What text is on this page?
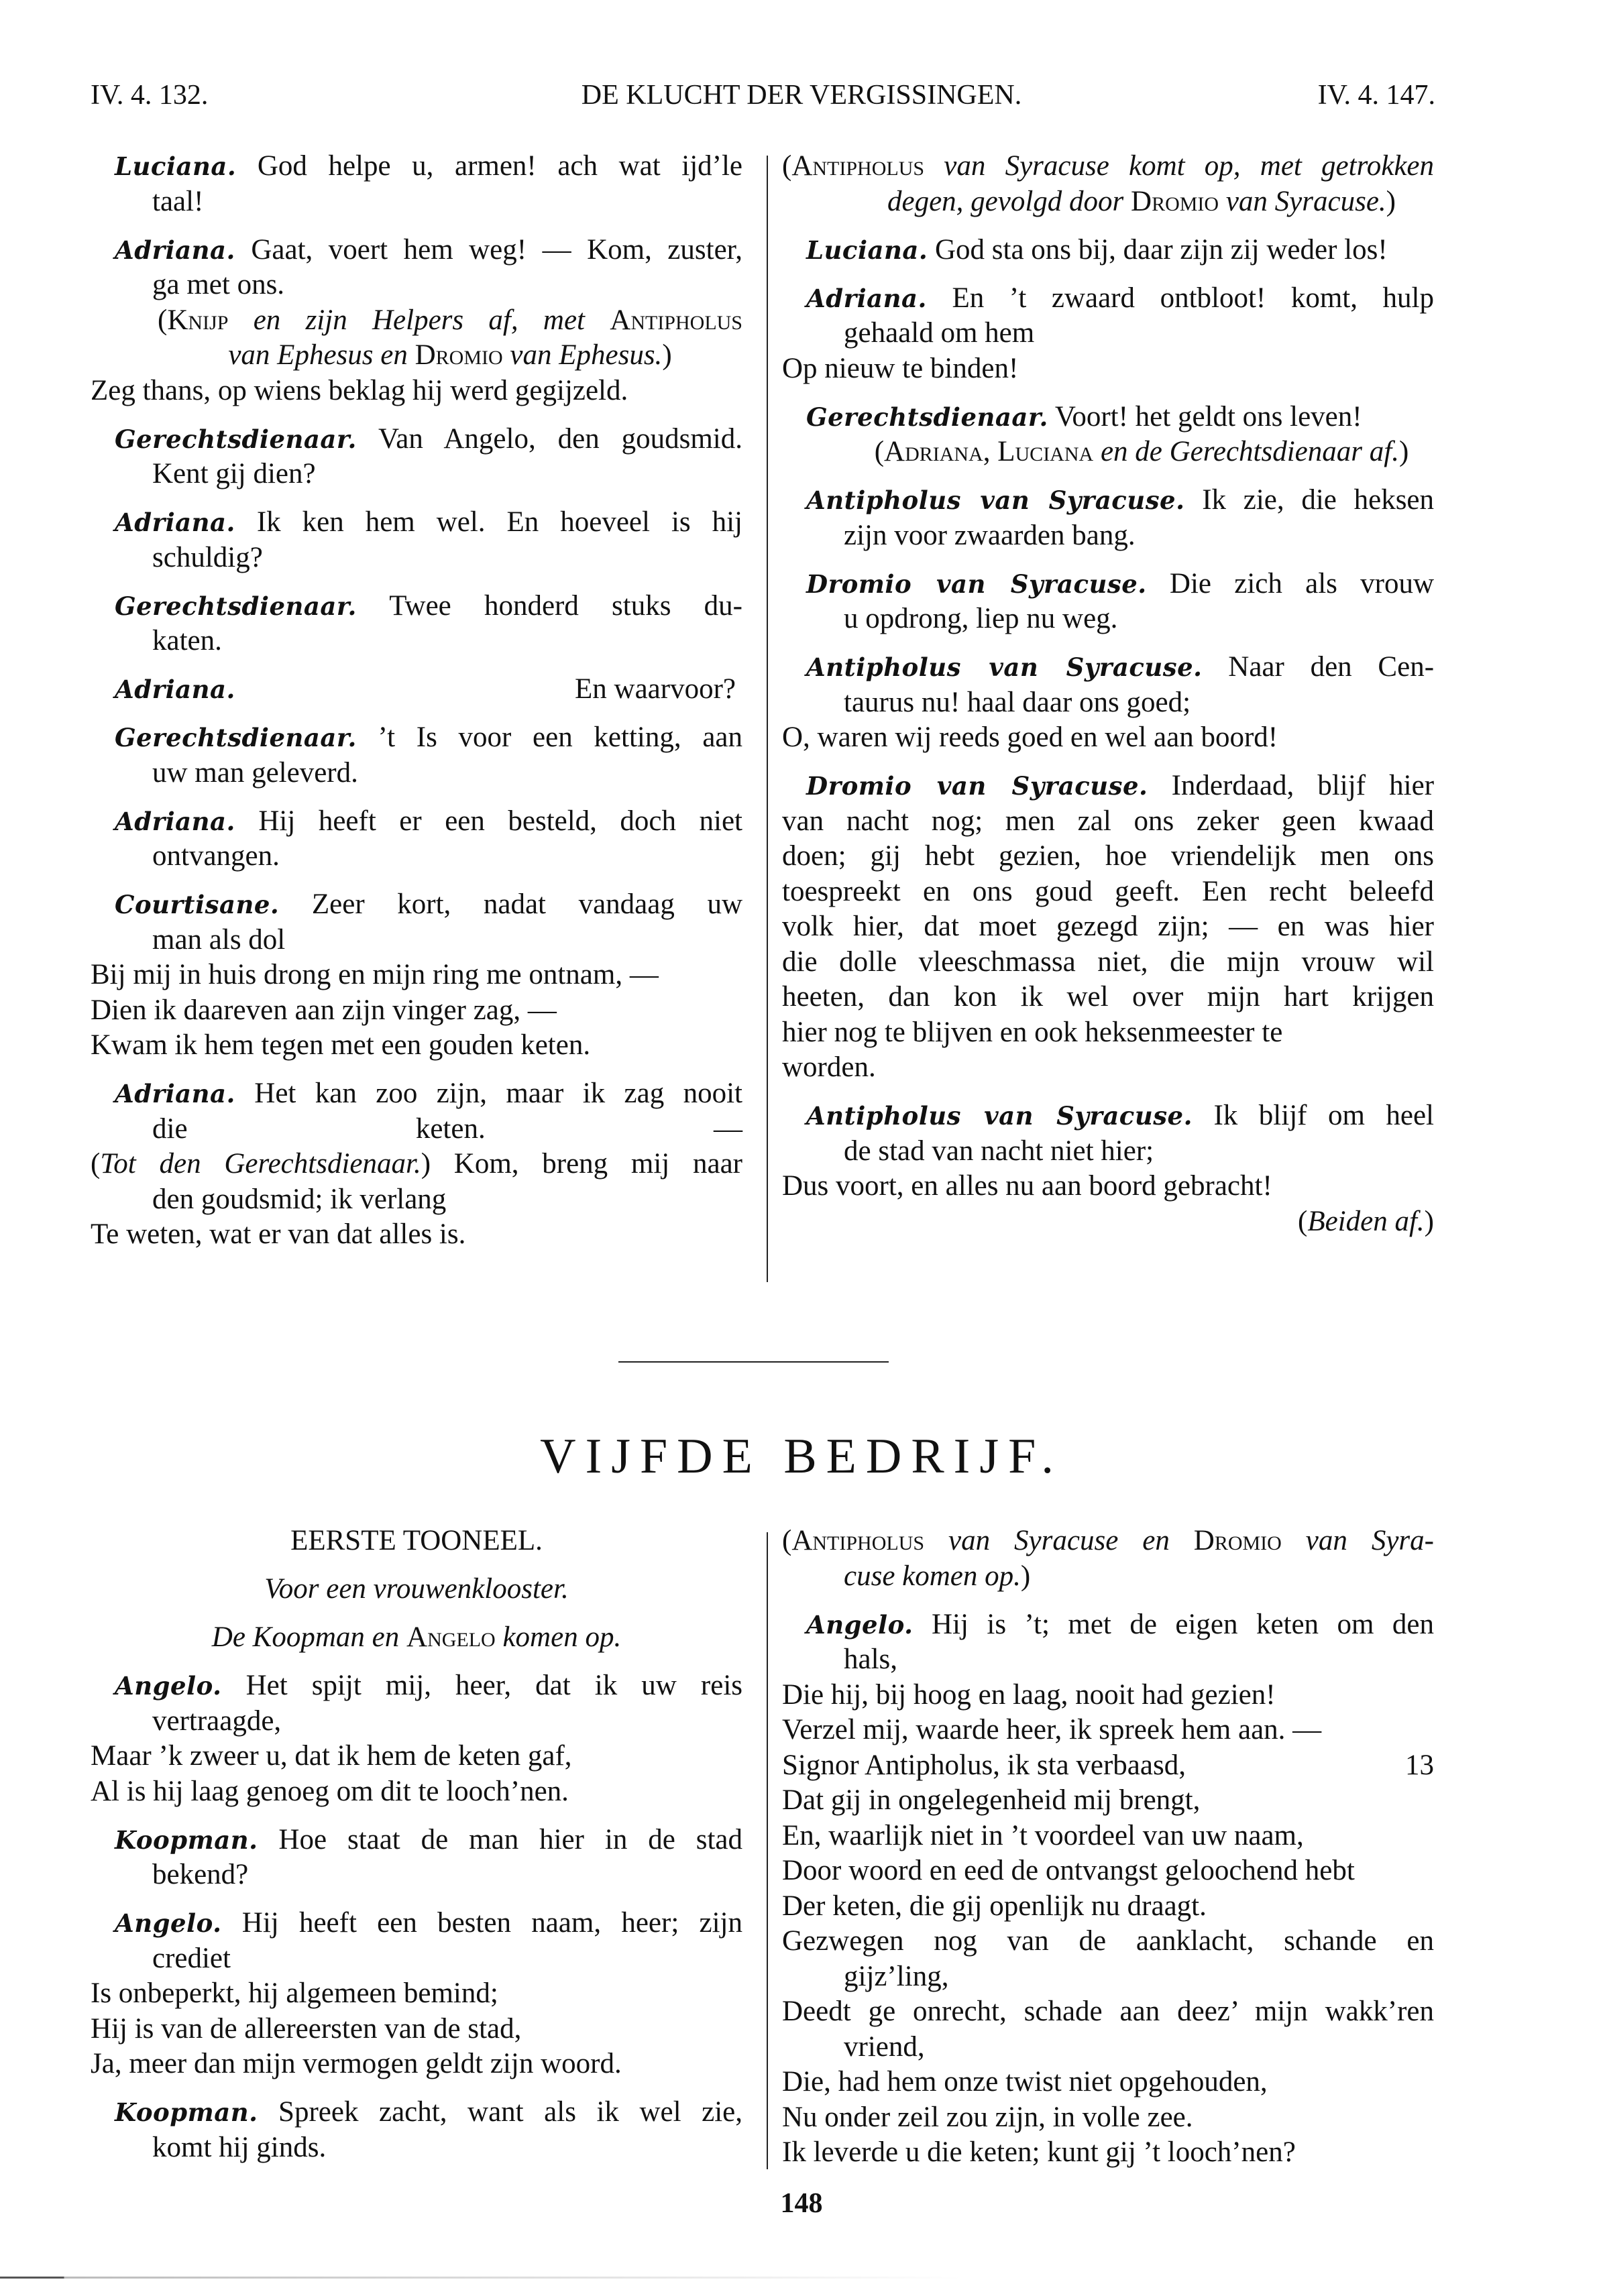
IV. 4. 132.	DE KLUCHT DER VERGISSINGEN.	IV. 4. 147.
Luciana. God helpe u, armen! ach wat ijd’le
taal!
Adriana. Gaat, voert hem weg! — Kom, zuster,
ga met ons.
(Knijp en zijn Helpers af, met Antipholus
van Ephesus en Dromio van Ephesus.)
Zeg thans, op wiens beklag hij werd gegijzeld.
Gerechtsdienaar. Van Angelo, den goudsmid.
Kent gij dien?
Adriana. Ik ken hem wel. En hoeveel is hij
schuldig?
Gerechtsdienaar. Twee honderd stuks du-
katen.
Adriana.	En waarvoor?
Gerechtsdienaar. ’t Is voor een ketting, aan
uw man geleverd.
Adriana. Hij heeft er een besteld, doch niet
ontvangen.
Courtisane. Zeer kort, nadat vandaag uw
man als dol
Bij mij in huis drong en mijn ring me ontnam, —
Dien ik daareven aan zijn vinger zag, —
Kwam ik hem tegen met een gouden keten.
Adriana. Het kan zoo zijn, maar ik zag nooit
die keten. —
(Tot den Gerechtsdienaar.) Kom, breng mij naar
den goudsmid; ik verlang
Te weten, wat er van dat alles is.
(Antipholus van Syracuse komt op, met getrokken
degen, gevolgd door Dromio van Syracuse.)
Luciana. God sta ons bij, daar zijn zij weder los!
Adriana. En ’t zwaard ontbloot! komt, hulp
gehaald om hem
Op nieuw te binden!
Gerechtsdienaar. Voort! het geldt ons leven!
(Adriana, Luciana en de Gerechtsdienaar af.)
Antipholus van Syracuse. Ik zie, die heksen
zijn voor zwaarden bang.
Dromio van Syracuse. Die zich als vrouw
u opdrong, liep nu weg.
Antipholus van Syracuse. Naar den Cen-
taurus nu! haal daar ons goed;
O, waren wij reeds goed en wel aan boord!
Dromio van Syracuse. Inderdaad, blijf hier
van nacht nog; men zal ons zeker geen kwaad
doen; gij hebt gezien, hoe vriendelijk men ons
toespreekt en ons goud geeft. Een recht beleefd
volk hier, dat moet gezegd zijn; — en was hier
die dolle vleeschmassa niet, die mijn vrouw wil
heeten, dan kon ik wel over mijn hart krijgen
hier nog te blijven en ook heksenmeester te
worden.
Antipholus van Syracuse. Ik blijf om heel
de stad van nacht niet hier;
Dus voort, en alles nu aan boord gebracht!
(Beiden af.)
VIJFDE BEDRIJF.
EERSTE TOONEEL.
Voor een vrouwenklooster.
De Koopman en Angelo komen op.
Angelo. Het spijt mij, heer, dat ik uw reis
vertraagde,
Maar ’k zweer u, dat ik hem de keten gaf,
Al is hij laag genoeg om dit te looch’nen.
Koopman. Hoe staat de man hier in de stad
bekend?
Angelo. Hij heeft een besten naam, heer; zijn
crediet
Is onbeperkt, hij algemeen bemind;
Hij is van de allereersten van de stad,
Ja, meer dan mijn vermogen geldt zijn woord.
Koopman. Spreek zacht, want als ik wel zie,
komt hij ginds.
(Antipholus van Syracuse en Dromio van Syra-
cuse komen op.)
Angelo. Hij is ’t; met de eigen keten om den
hals,
Die hij, bij hoog en laag, nooit had gezien!
Verzel mij, waarde heer, ik spreek hem aan. —
Signor Antipholus, ik sta verbaasd,	13
Dat gij in ongelegenheid mij brengt,
En, waarlijk niet in ’t voordeel van uw naam,
Door woord en eed de ontvangst geloochend hebt
Der keten, die gij openlijk nu draagt.
Gezwegen nog van de aanklacht, schande en
gijz’ling,
Deedt ge onrecht, schade aan deez’ mijn wakk’ren
vriend,
Die, had hem onze twist niet opgehouden,
Nu onder zeil zou zijn, in volle zee.
Ik leverde u die keten; kunt gij ’t looch’nen?
148
